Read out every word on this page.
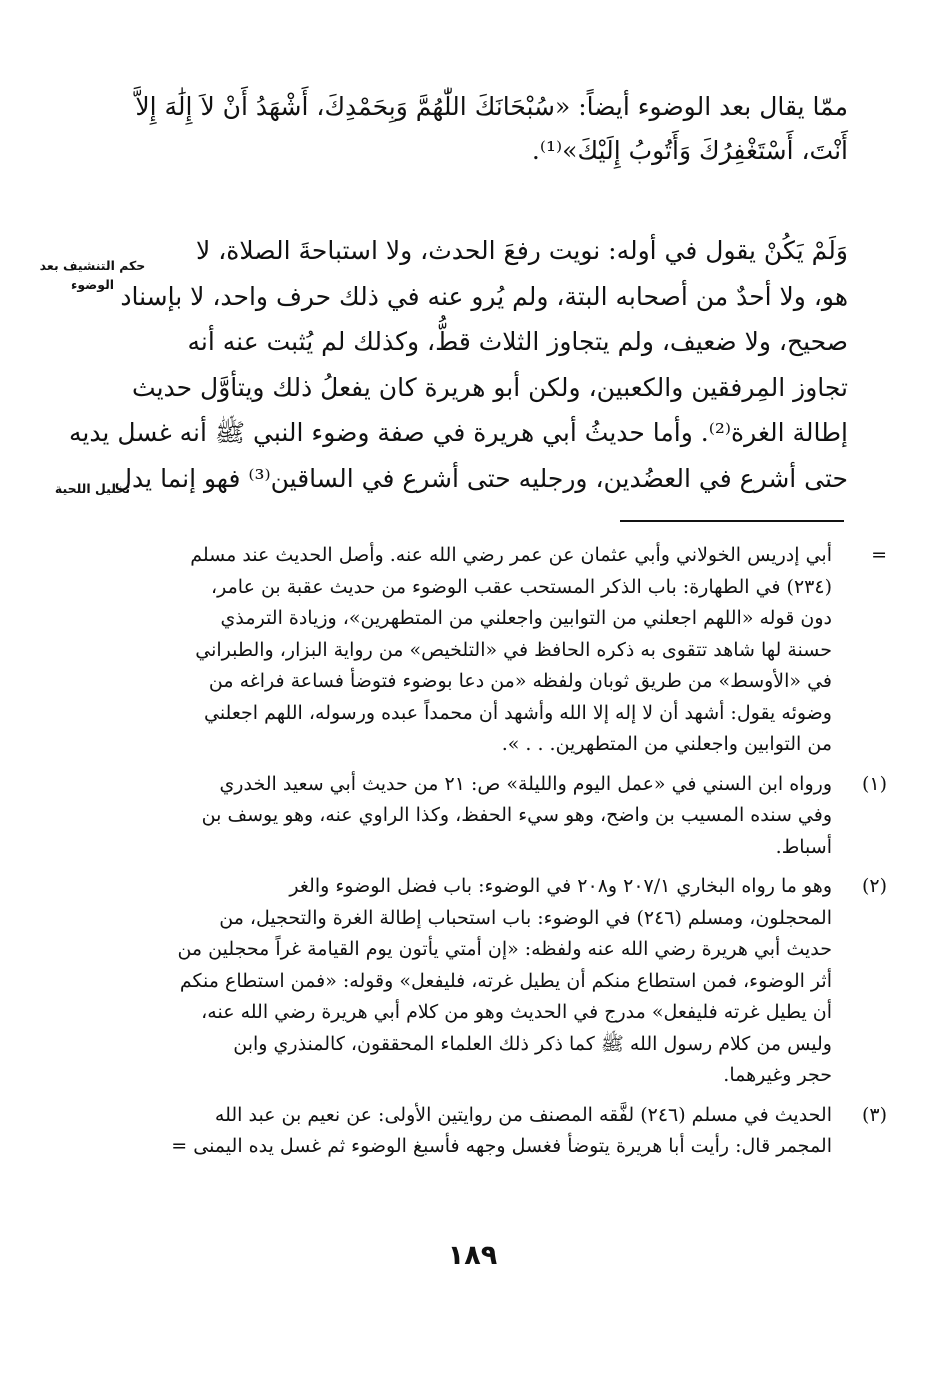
ممّا يقال بعد الوضوء أيضاً: «سُبْحَانَكَ اللّٰهُمَّ وَبِحَمْدِكَ، أَشْهَدُ أَنْ لاَ إِلَٰهَ إِلاَّ
أَنْتَ، أَسْتَغْفِرُكَ وَأَتُوبُ إِلَيْكَ»⁽¹⁾.
حكم التنشيف بعد
الوضوء
تخليل اللحية
وَلَمْ يَكُنْ يقول في أوله: نويت رفعَ الحدث، ولا استباحةَ الصلاة، لا
هو، ولا أحدٌ من أصحابه البتة، ولم يُرو عنه في ذلك حرف واحد، لا بإسناد
صحيح، ولا ضعيف، ولم يتجاوز الثلاث قطُّ، وكذلك لم يُثبت عنه أنه
تجاوز المِرفقين والكعبين، ولكن أبو هريرة كان يفعلُ ذلك ويتأوَّل حديث
إطالة الغرة⁽²⁾. وأما حديثُ أبي هريرة في صفة وضوء النبي ﷺ أنه غسل يديه
حتى أشرع في العضُدين، ورجليه حتى أشرع في الساقين⁽³⁾ فهو إنما يدل
=
أبي إدريس الخولاني وأبي عثمان عن عمر رضي الله عنه. وأصل الحديث عند مسلم
(٢٣٤) في الطهارة: باب الذكر المستحب عقب الوضوء من حديث عقبة بن عامر،
دون قوله «اللهم اجعلني من التوابين واجعلني من المتطهرين»، وزيادة الترمذي
حسنة لها شاهد تتقوى به ذكره الحافظ في «التلخيص» من رواية البزار، والطبراني
في «الأوسط» من طريق ثوبان ولفظه «من دعا بوضوء فتوضأ فساعة فراغه من
وضوئه يقول: أشهد أن لا إله إلا الله وأشهد أن محمداً عبده ورسوله، اللهم اجعلني
من التوابين واجعلني من المتطهرين. . . ».
(١)
ورواه ابن السني في «عمل اليوم والليلة» ص: ٢١ من حديث أبي سعيد الخدري
وفي سنده المسيب بن واضح، وهو سيء الحفظ، وكذا الراوي عنه، وهو يوسف بن
أسباط.
(٢)
وهو ما رواه البخاري ٢٠٧/١ و٢٠٨ في الوضوء: باب فضل الوضوء والغر
المحجلون، ومسلم (٢٤٦) في الوضوء: باب استحباب إطالة الغرة والتحجيل، من
حديث أبي هريرة رضي الله عنه ولفظه: «إن أمتي يأتون يوم القيامة غراً محجلين من
أثر الوضوء، فمن استطاع منكم أن يطيل غرته، فليفعل» وقوله: «فمن استطاع منكم
أن يطيل غرته فليفعل» مدرج في الحديث وهو من كلام أبي هريرة رضي الله عنه،
وليس من كلام رسول الله ﷺ كما ذكر ذلك العلماء المحققون، كالمنذري وابن
حجر وغيرهما.
(٣)
الحديث في مسلم (٢٤٦) لفَّقه المصنف من روايتين الأولى: عن نعيم بن عبد الله
المجمر قال: رأيت أبا هريرة يتوضأ فغسل وجهه فأسبغ الوضوء ثم غسل يده اليمنى =
١٨٩
